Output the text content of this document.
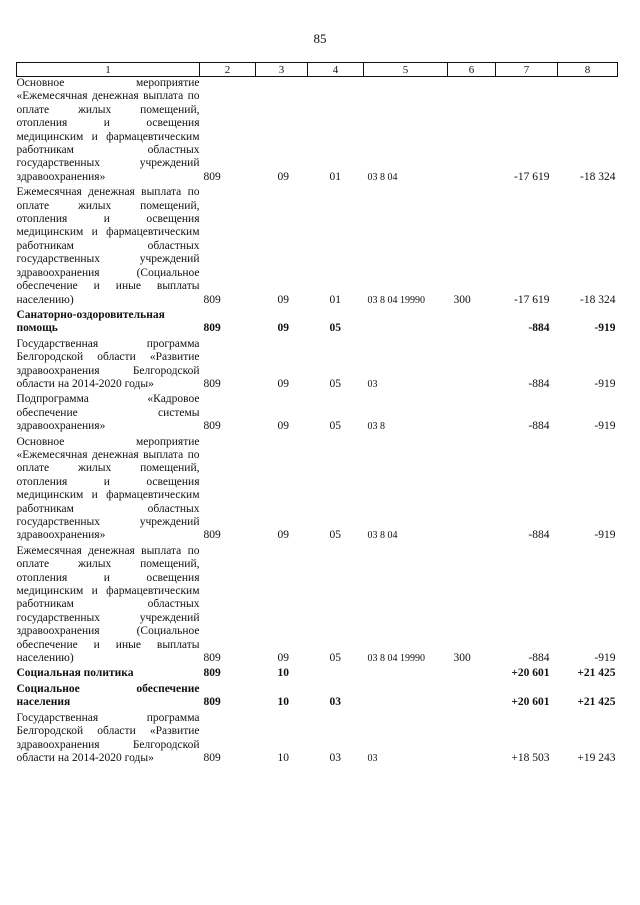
85
1	2	3	4	5	6	7	8
Основное мероприятие «Ежемесячная денежная выплата по оплате жилых помещений, отопления и освещения медицинским и фармацевтическим работникам областных государственных учреждений здравоохранения»	809	09	01	03 8 04		-17 619	-18 324
Ежемесячная денежная выплата по оплате жилых помещений, отопления и освещения медицинским и фармацевтическим работникам областных государственных учреждений здравоохранения (Социальное обеспечение и иные выплаты населению)	809	09	01	03 8 04 19990	300	-17 619	-18 324
Санаторно-оздоровительная помощь	809	09	05			-884	-919
Государственная программа Белгородской области «Развитие здравоохранения Белгородской области на 2014-2020 годы»	809	09	05	03		-884	-919
Подпрограмма «Кадровое обеспечение системы здравоохранения»	809	09	05	03 8		-884	-919
Основное мероприятие «Ежемесячная денежная выплата по оплате жилых помещений, отопления и освещения медицинским и фармацевтическим работникам областных государственных учреждений здравоохранения»	809	09	05	03 8 04		-884	-919
Ежемесячная денежная выплата по оплате жилых помещений, отопления и освещения медицинским и фармацевтическим работникам областных государственных учреждений здравоохранения (Социальное обеспечение и иные выплаты населению)	809	09	05	03 8 04 19990	300	-884	-919
Социальная политика	809	10				+20 601	+21 425
Социальное обеспечение населения	809	10	03			+20 601	+21 425
Государственная программа Белгородской области «Развитие здравоохранения Белгородской области на 2014-2020 годы»	809	10	03	03		+18 503	+19 243
